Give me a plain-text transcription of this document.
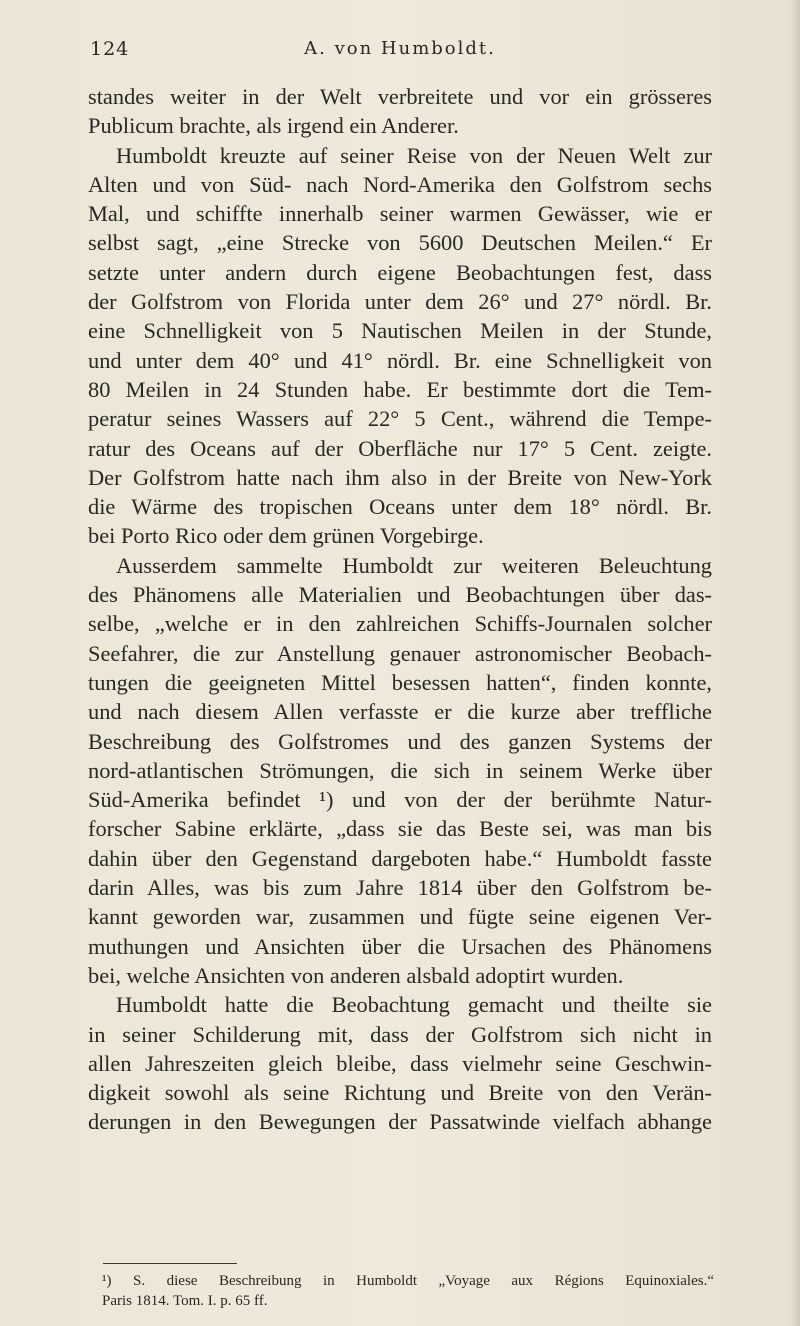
124	A. von Humboldt.
standes weiter in der Welt verbreitete und vor ein grösseres
Publicum brachte, als irgend ein Anderer.
Humboldt kreuzte auf seiner Reise von der Neuen Welt zur
Alten und von Süd- nach Nord-Amerika den Golfstrom sechs
Mal, und schiffte innerhalb seiner warmen Gewässer, wie er
selbst sagt, „eine Strecke von 5600 Deutschen Meilen.“ Er
setzte unter andern durch eigene Beobachtungen fest, dass
der Golfstrom von Florida unter dem 26° und 27° nördl. Br.
eine Schnelligkeit von 5 Nautischen Meilen in der Stunde,
und unter dem 40° und 41° nördl. Br. eine Schnelligkeit von
80 Meilen in 24 Stunden habe. Er bestimmte dort die Tem-
peratur seines Wassers auf 22° 5 Cent., während die Tempe-
ratur des Oceans auf der Oberfläche nur 17° 5 Cent. zeigte.
Der Golfstrom hatte nach ihm also in der Breite von New-York
die Wärme des tropischen Oceans unter dem 18° nördl. Br.
bei Porto Rico oder dem grünen Vorgebirge.
Ausserdem sammelte Humboldt zur weiteren Beleuchtung
des Phänomens alle Materialien und Beobachtungen über das-
selbe, „welche er in den zahlreichen Schiffs-Journalen solcher
Seefahrer, die zur Anstellung genauer astronomischer Beobach-
tungen die geeigneten Mittel besessen hatten“, finden konnte,
und nach diesem Allen verfasste er die kurze aber treffliche
Beschreibung des Golfstromes und des ganzen Systems der
nord-atlantischen Strömungen, die sich in seinem Werke über
Süd-Amerika befindet ¹) und von der der berühmte Natur-
forscher Sabine erklärte, „dass sie das Beste sei, was man bis
dahin über den Gegenstand dargeboten habe.“ Humboldt fasste
darin Alles, was bis zum Jahre 1814 über den Golfstrom be-
kannt geworden war, zusammen und fügte seine eigenen Ver-
muthungen und Ansichten über die Ursachen des Phänomens
bei, welche Ansichten von anderen alsbald adoptirt wurden.
Humboldt hatte die Beobachtung gemacht und theilte sie
in seiner Schilderung mit, dass der Golfstrom sich nicht in
allen Jahreszeiten gleich bleibe, dass vielmehr seine Geschwin-
digkeit sowohl als seine Richtung und Breite von den Verän-
derungen in den Bewegungen der Passatwinde vielfach abhange
¹) S. diese Beschreibung in Humboldt „Voyage aux Régions Equinoxiales.“
Paris 1814. Tom. I. p. 65 ff.
